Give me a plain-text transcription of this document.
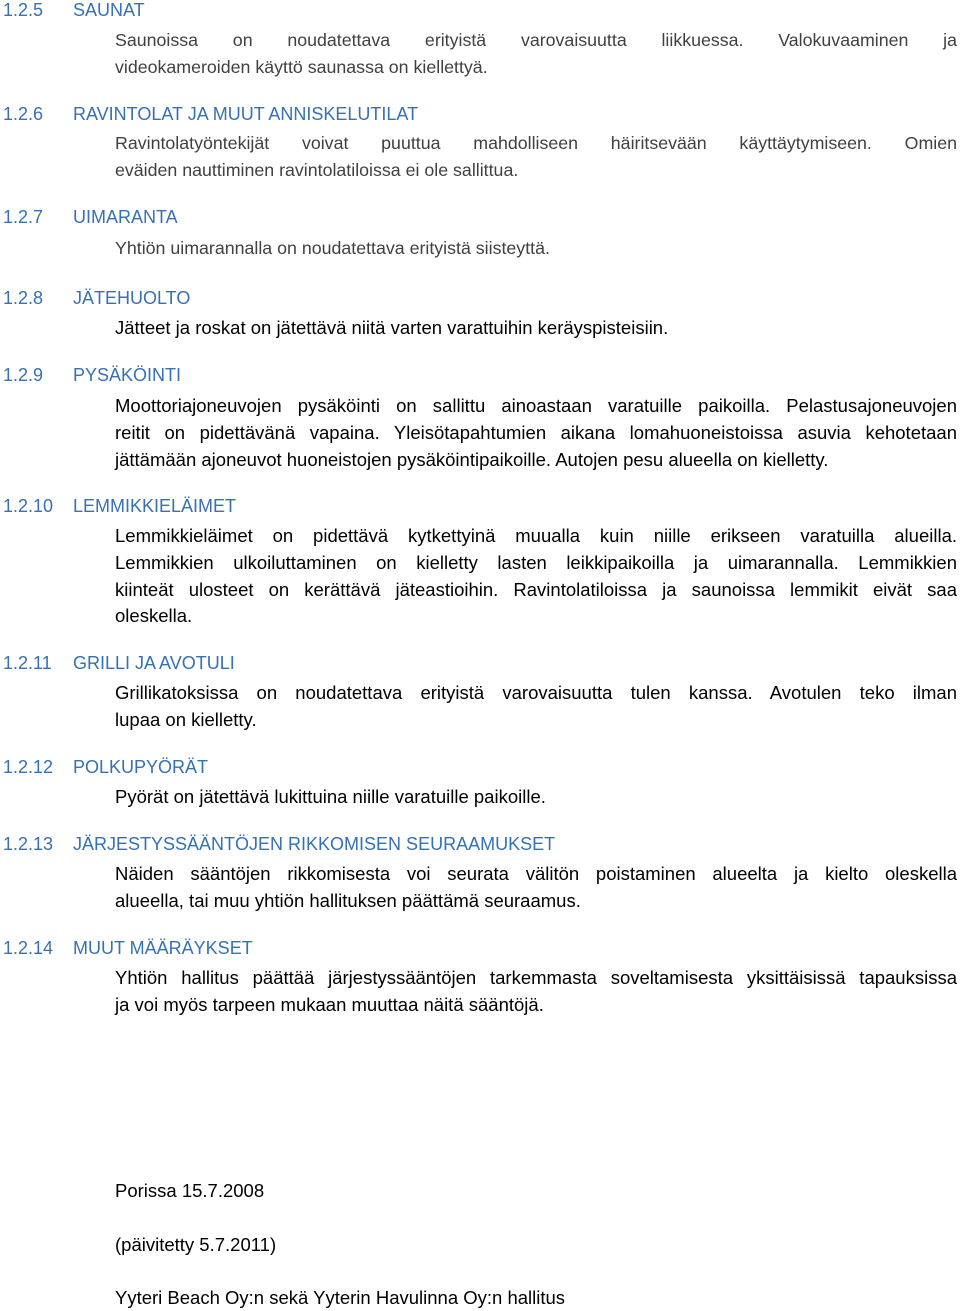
1.2.5 SAUNAT
Saunoissa on noudatettava erityistä varovaisuutta liikkuessa. Valokuvaaminen ja
videokameroiden käyttö saunassa on kiellettyä.
1.2.6 RAVINTOLAT JA MUUT ANNISKELUTILAT
Ravintolatyöntekijät voivat puuttua mahdolliseen häiritsevään käyttäytymiseen. Omien
eväiden nauttiminen ravintolatiloissa ei ole sallittua.
1.2.7 UIMARANTA
Yhtiön uimarannalla on noudatettava erityistä siisteyttä.
1.2.8 JÄTEHUOLTO
Jätteet ja roskat on jätettävä niitä varten varattuihin keräyspisteisiin.
1.2.9 PYSÄKÖINTI
Moottoriajoneuvojen pysäköinti on sallittu ainoastaan varatuille paikoilla. Pelastusajoneuvojen
reitit on pidettävänä vapaina. Yleisötapahtumien aikana lomahuoneistoissa asuvia kehotetaan
jättämään ajoneuvot huoneistojen pysäköintipaikoille. Autojen pesu alueella on kielletty.
1.2.10 LEMMIKKIELÄIMET
Lemmikkieläimet on pidettävä kytkettyinä muualla kuin niille erikseen varatuilla alueilla.
Lemmikkien ulkoiluttaminen on kielletty lasten leikkipaikoilla ja uimarannalla. Lemmikkien
kiinteät ulosteet on kerättävä jäteastioihin. Ravintolatiloissa ja saunoissa lemmikit eivät saa
oleskella.
1.2.11 GRILLI JA AVOTULI
Grillikatoksissa on noudatettava erityistä varovaisuutta tulen kanssa. Avotulen teko ilman
lupaa on kielletty.
1.2.12 POLKUPYÖRÄT
Pyörät on jätettävä lukittuina niille varatuille paikoille.
1.2.13 JÄRJESTYSSÄÄNTÖJEN RIKKOMISEN SEURAAMUKSET
Näiden sääntöjen rikkomisesta voi seurata välitön poistaminen alueelta ja kielto oleskella
alueella, tai muu yhtiön hallituksen päättämä seuraamus.
1.2.14 MUUT MÄÄRÄYKSET
Yhtiön hallitus päättää järjestyssääntöjen tarkemmasta soveltamisesta yksittäisissä tapauksissa
ja voi myös tarpeen mukaan muuttaa näitä sääntöjä.
Porissa 15.7.2008
(päivitetty 5.7.2011)
Yyteri Beach Oy:n sekä Yyterin Havulinna Oy:n hallitus
